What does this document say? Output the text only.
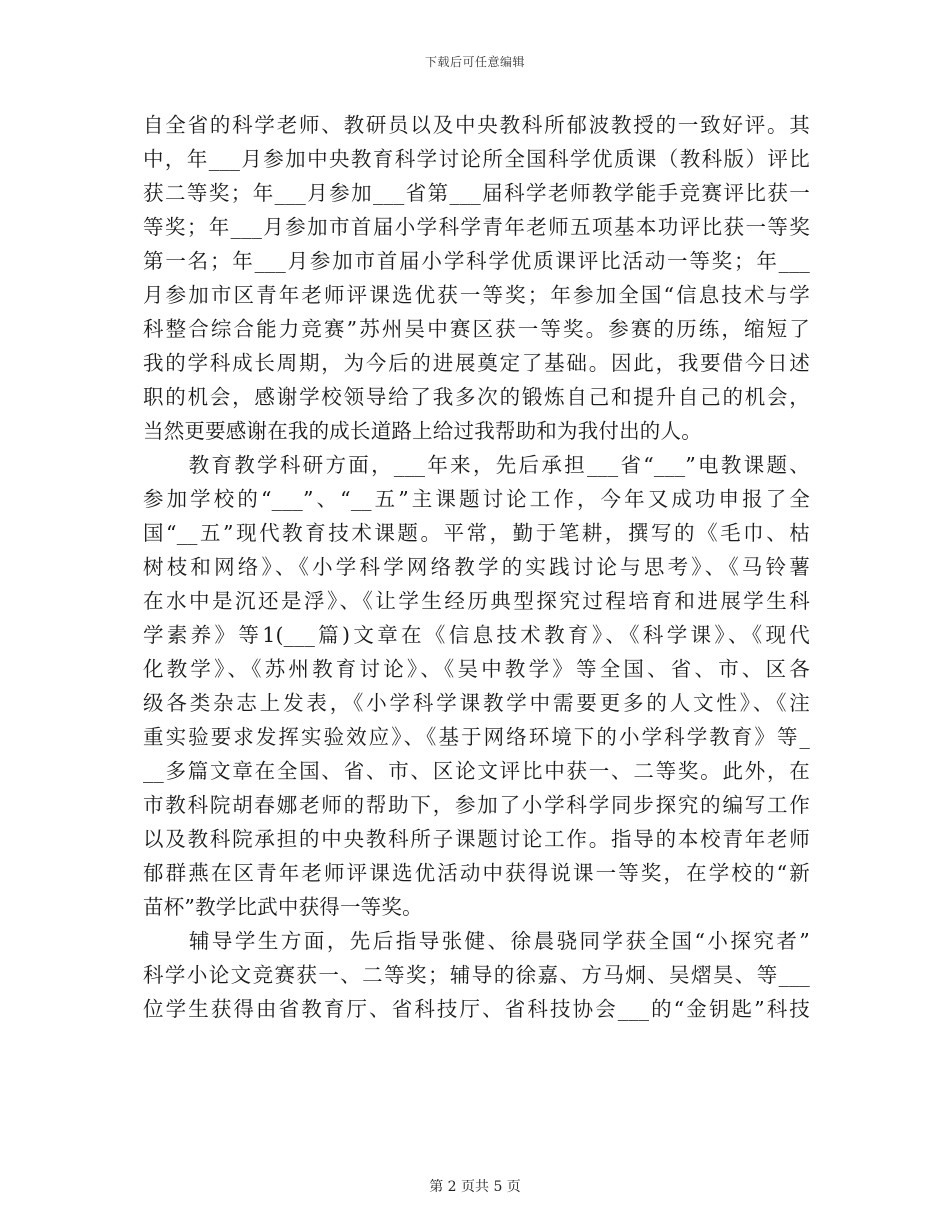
下载后可任意编辑
自全省的科学老师、教研员以及中央教科所郁波教授的一致好评。其
中，年___月参加中央教育科学讨论所全国科学优质课（教科版）评比
获二等奖；年___月参加___省第___届科学老师教学能手竞赛评比获一
等奖；年___月参加市首届小学科学青年老师五项基本功评比获一等奖
第一名；年___月参加市首届小学科学优质课评比活动一等奖；年___
月参加市区青年老师评课选优获一等奖；年参加全国“信息技术与学
科整合综合能力竞赛”苏州吴中赛区获一等奖。参赛的历练，缩短了
我的学科成长周期，为今后的进展奠定了基础。因此，我要借今日述
职的机会，感谢学校领导给了我多次的锻炼自己和提升自己的机会，
当然更要感谢在我的成长道路上给过我帮助和为我付出的人。
　　教育教学科研方面，___年来，先后承担___省“___”电教课题、
参加学校的“___”、“__五”主课题讨论工作，今年又成功申报了全
国“__五”现代教育技术课题。平常，勤于笔耕，撰写的《毛巾、枯
树枝和网络》、《小学科学网络教学的实践讨论与思考》、《马铃薯
在水中是沉还是浮》、《让学生经历典型探究过程培育和进展学生科
学素养》等1(___篇)文章在《信息技术教育》、《科学课》、《现代
化教学》、《苏州教育讨论》、《吴中教学》等全国、省、市、区各
级各类杂志上发表，《小学科学课教学中需要更多的人文性》、《注
重实验要求发挥实验效应》、《基于网络环境下的小学科学教育》等_
__多篇文章在全国、省、市、区论文评比中获一、二等奖。此外，在
市教科院胡春娜老师的帮助下，参加了小学科学同步探究的编写工作
以及教科院承担的中央教科所子课题讨论工作。指导的本校青年老师
郁群燕在区青年老师评课选优活动中获得说课一等奖，在学校的“新
苗杯”教学比武中获得一等奖。
　　辅导学生方面，先后指导张健、徐晨骁同学获全国“小探究者”
科学小论文竞赛获一、二等奖；辅导的徐嘉、方马炯、吴熠昊、等___
位学生获得由省教育厅、省科技厅、省科技协会___的“金钥匙”科技
第 2 页共 5 页
